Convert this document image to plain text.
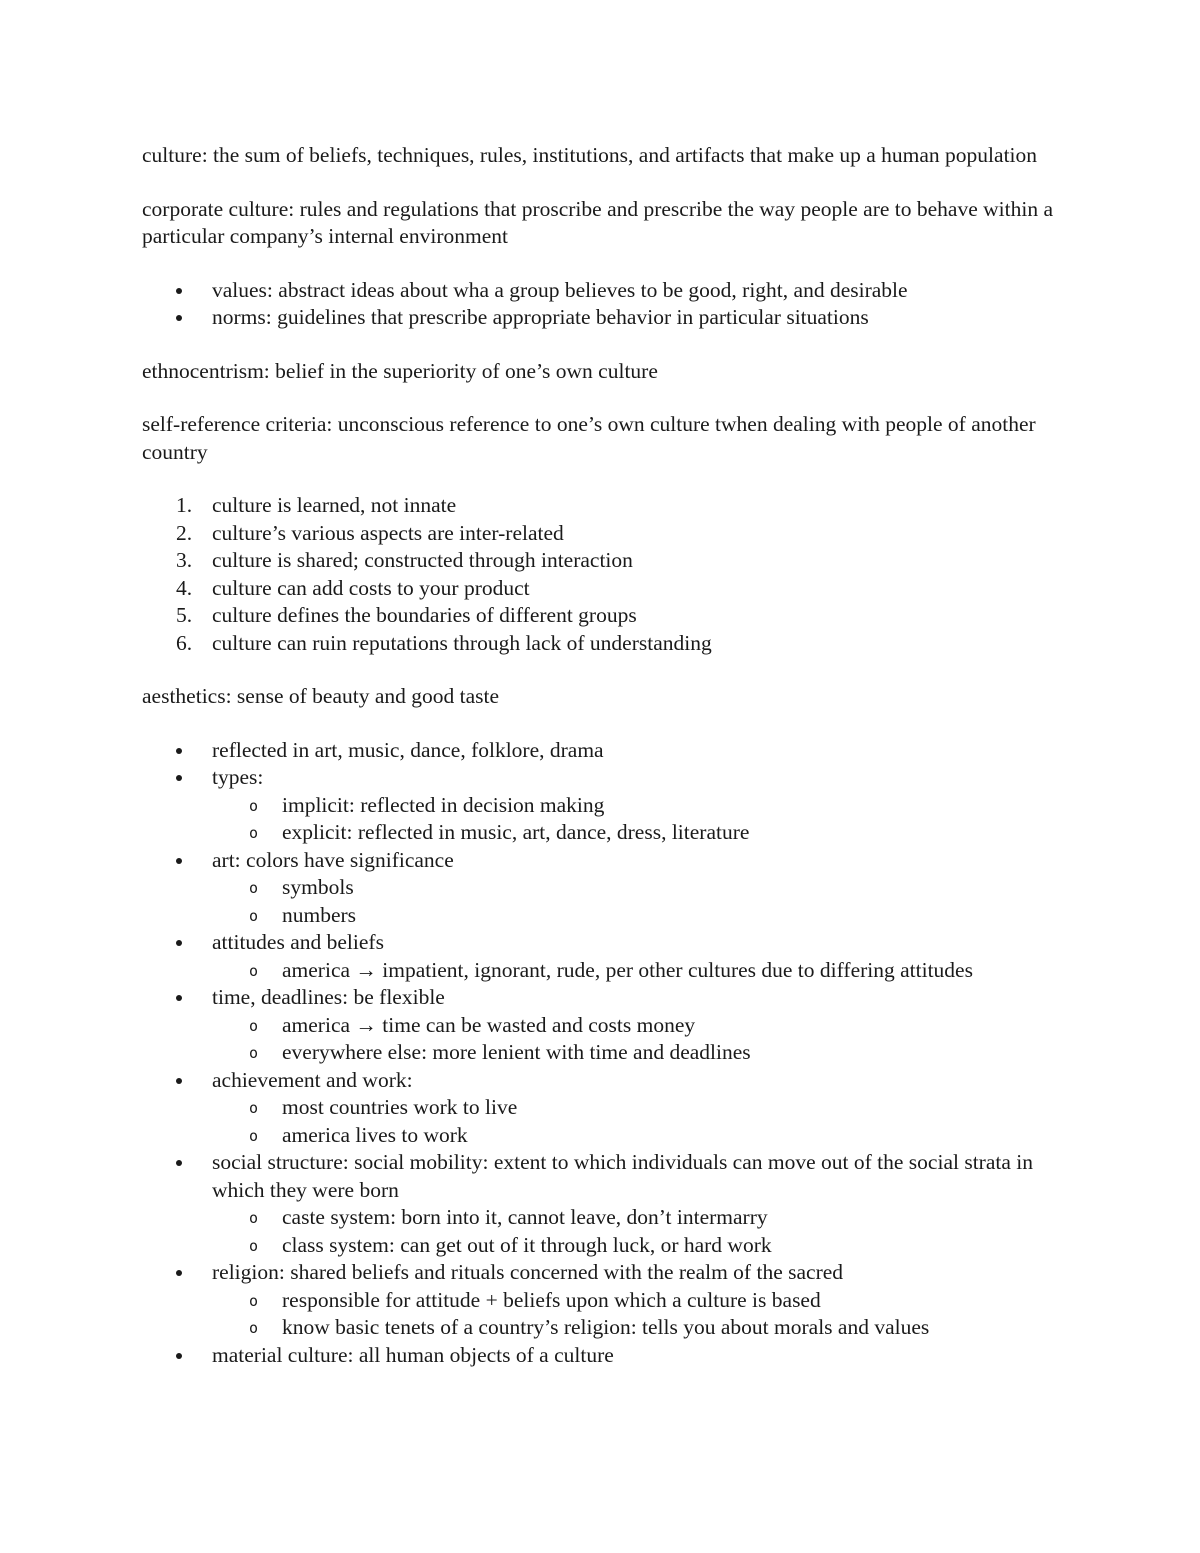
culture: the sum of beliefs, techniques, rules, institutions, and artifacts that make up a human population

corporate culture: rules and regulations that proscribe and prescribe the way people are to behave within a particular company’s internal environment

values: abstract ideas about wha a group believes to be good, right, and desirable
norms: guidelines that prescribe appropriate behavior in particular situations

ethnocentrism: belief in the superiority of one’s own culture

self-reference criteria: unconscious reference to one’s own culture twhen dealing with people of another country

1. culture is learned, not innate
2. culture’s various aspects are inter-related
3. culture is shared; constructed through interaction
4. culture can add costs to your product
5. culture defines the boundaries of different groups
6. culture can ruin reputations through lack of understanding

aesthetics: sense of beauty and good taste

reflected in art, music, dance, folklore, drama
types:
o implicit: reflected in decision making
o explicit: reflected in music, art, dance, dress, literature
art: colors have significance
o symbols
o numbers
attitudes and beliefs
o america → impatient, ignorant, rude, per other cultures due to differing attitudes
time, deadlines: be flexible
o america → time can be wasted and costs money
o everywhere else: more lenient with time and deadlines
achievement and work:
o most countries work to live
o america lives to work
social structure: social mobility: extent to which individuals can move out of the social strata in which they were born
o caste system: born into it, cannot leave, don’t intermarry
o class system: can get out of it through luck, or hard work
religion: shared beliefs and rituals concerned with the realm of the sacred
o responsible for attitude + beliefs upon which a culture is based
o know basic tenets of a country’s religion: tells you about morals and values
material culture: all human objects of a culture
